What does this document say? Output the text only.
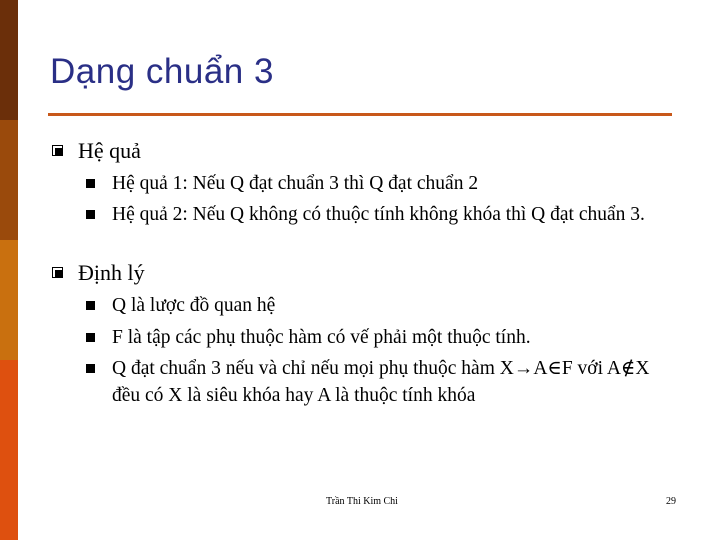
Dạng chuẩn 3
Hệ quả
Hệ quả 1: Nếu Q đạt chuẩn 3 thì Q đạt chuẩn 2
Hệ quả 2: Nếu Q không có thuộc tính không khóa thì Q đạt chuẩn 3.
Định lý
Q là lược đồ quan hệ
F là tập các phụ thuộc hàm có vế phải một thuộc tính.
Q đạt chuẩn 3 nếu và chỉ nếu mọi phụ thuộc hàm X→A∈F với A∉X đều có X là siêu khóa hay A là thuộc tính khóa
Trần Thi Kim Chi	29
